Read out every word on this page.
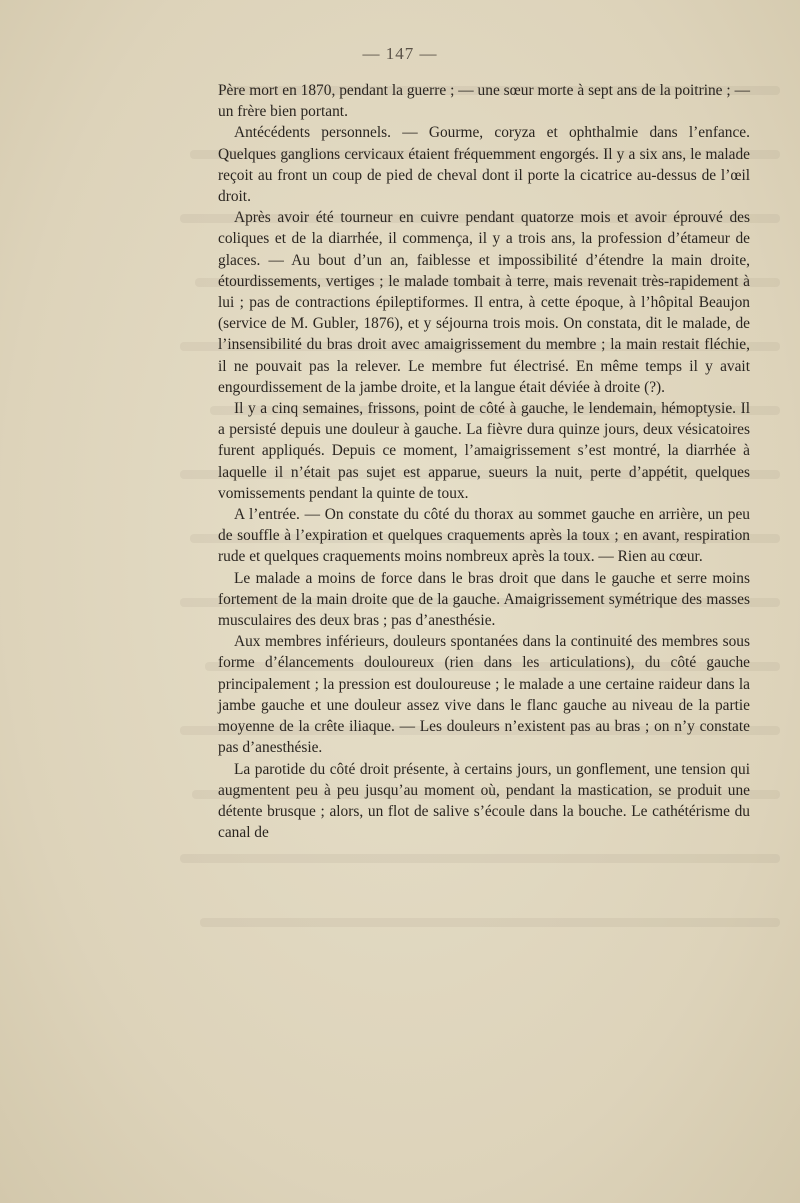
— 147 —

Père mort en 1870, pendant la guerre ; — une sœur morte à sept ans de la poitrine ; — un frère bien portant.

Antécédents personnels. — Gourme, coryza et ophthalmie dans l’enfance. Quelques ganglions cervicaux étaient fréquemment engorgés. Il y a six ans, le malade reçoit au front un coup de pied de cheval dont il porte la cicatrice au-dessus de l’œil droit.

Après avoir été tourneur en cuivre pendant quatorze mois et avoir éprouvé des coliques et de la diarrhée, il commença, il y a trois ans, la profession d’étameur de glaces. — Au bout d’un an, faiblesse et impossibilité d’étendre la main droite, étourdissements, vertiges ; le malade tombait à terre, mais revenait très-rapidement à lui ; pas de contractions épileptiformes. Il entra, à cette époque, à l’hôpital Beaujon (service de M. Gubler, 1876), et y séjourna trois mois. On constata, dit le malade, de l’insensibilité du bras droit avec amaigrissement du membre ; la main restait fléchie, il ne pouvait pas la relever. Le membre fut électrisé. En même temps il y avait engourdissement de la jambe droite, et la langue était déviée à droite (?).

Il y a cinq semaines, frissons, point de côté à gauche, le lendemain, hémoptysie. Il a persisté depuis une douleur à gauche. La fièvre dura quinze jours, deux vésicatoires furent appliqués. Depuis ce moment, l’amaigrissement s’est montré, la diarrhée à laquelle il n’était pas sujet est apparue, sueurs la nuit, perte d’appétit, quelques vomissements pendant la quinte de toux.

A l’entrée. — On constate du côté du thorax au sommet gauche en arrière, un peu de souffle à l’expiration et quelques craquements après la toux ; en avant, respiration rude et quelques craquements moins nombreux après la toux. — Rien au cœur.

Le malade a moins de force dans le bras droit que dans le gauche et serre moins fortement de la main droite que de la gauche. Amaigrissement symétrique des masses musculaires des deux bras ; pas d’anesthésie.

Aux membres inférieurs, douleurs spontanées dans la continuité des membres sous forme d’élancements douloureux (rien dans les articulations), du côté gauche principalement ; la pression est douloureuse ; le malade a une certaine raideur dans la jambe gauche et une douleur assez vive dans le flanc gauche au niveau de la partie moyenne de la crête iliaque. — Les douleurs n’existent pas au bras ; on n’y constate pas d’anesthésie.

La parotide du côté droit présente, à certains jours, un gonflement, une tension qui augmentent peu à peu jusqu’au moment où, pendant la mastication, se produit une détente brusque ; alors, un flot de salive s’écoule dans la bouche. Le cathétérisme du canal de
